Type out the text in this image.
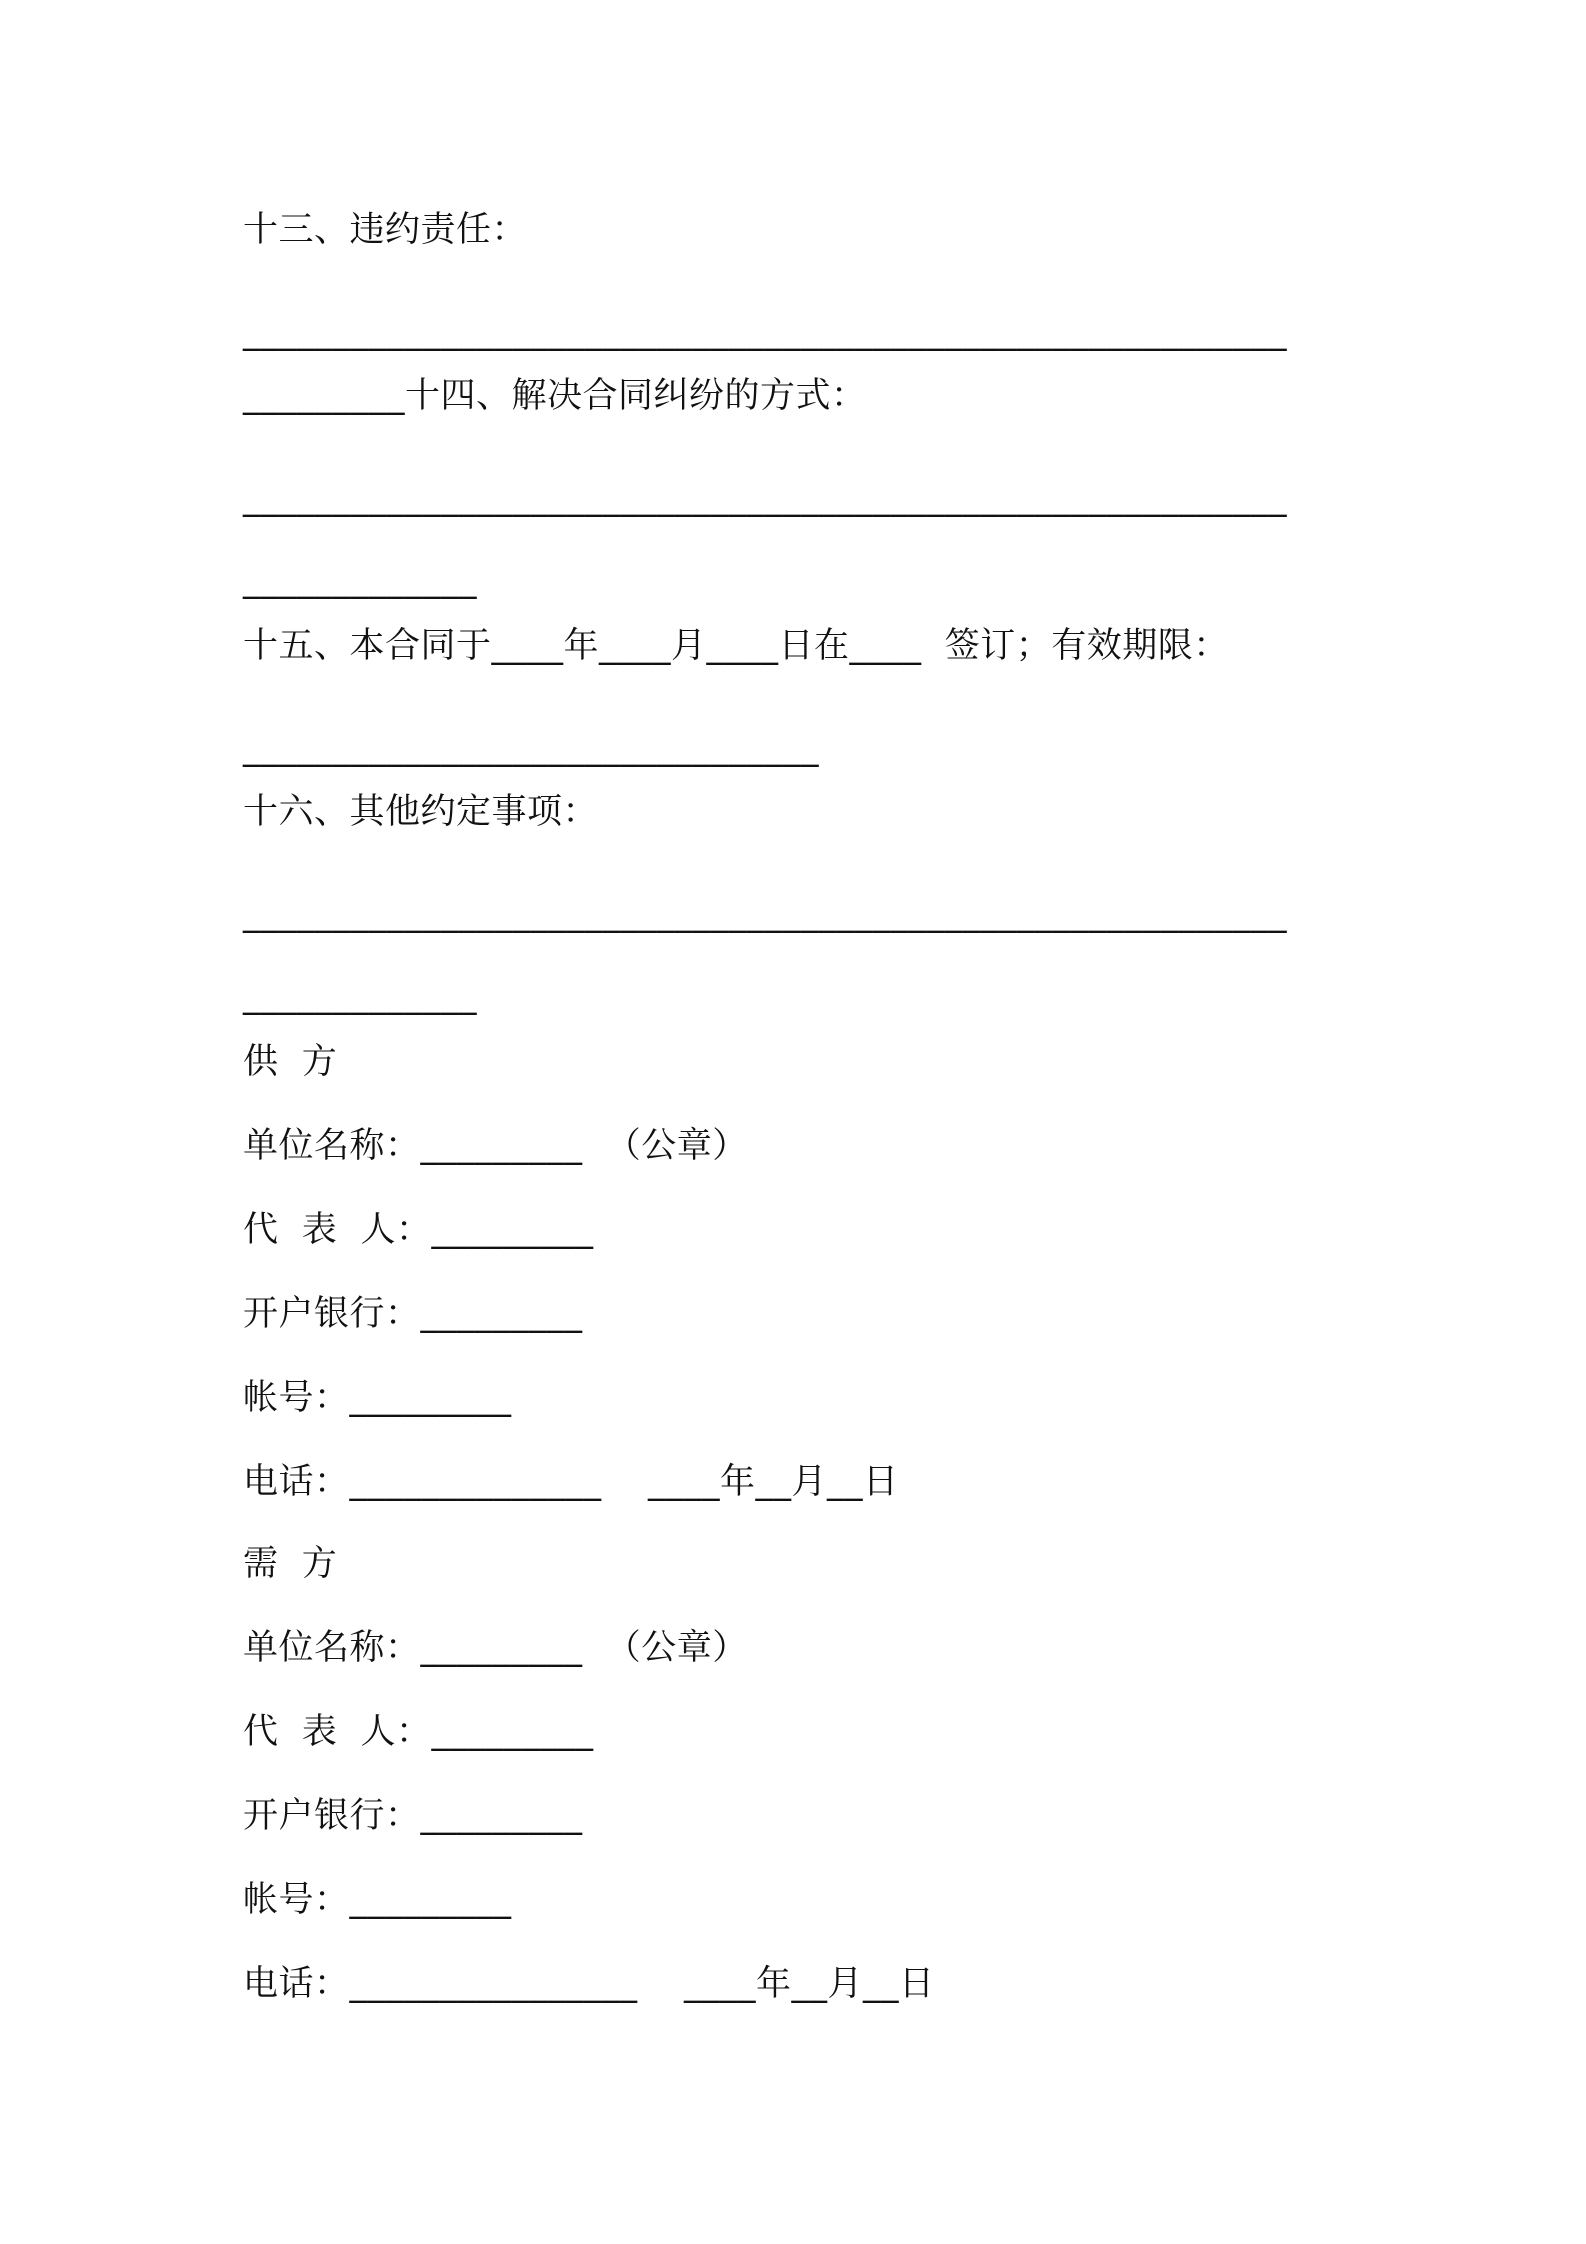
十三、违约责任：
__________________________________________________________
_________十四、解决合同纠纷的方式：
__________________________________________________________
_____________
十五、本合同于____年____月____日在____  签订；有效期限：
________________________________
十六、其他约定事项：
__________________________________________________________
_____________
供  方
单位名称：_________  （公章）
代  表  人：_________
开户银行：_________
帐号：_________
电话：______________    ____年__月__日
需  方
单位名称：_________  （公章）
代  表  人：_________
开户银行：_________
帐号：_________
电话：________________    ____年__月__日
